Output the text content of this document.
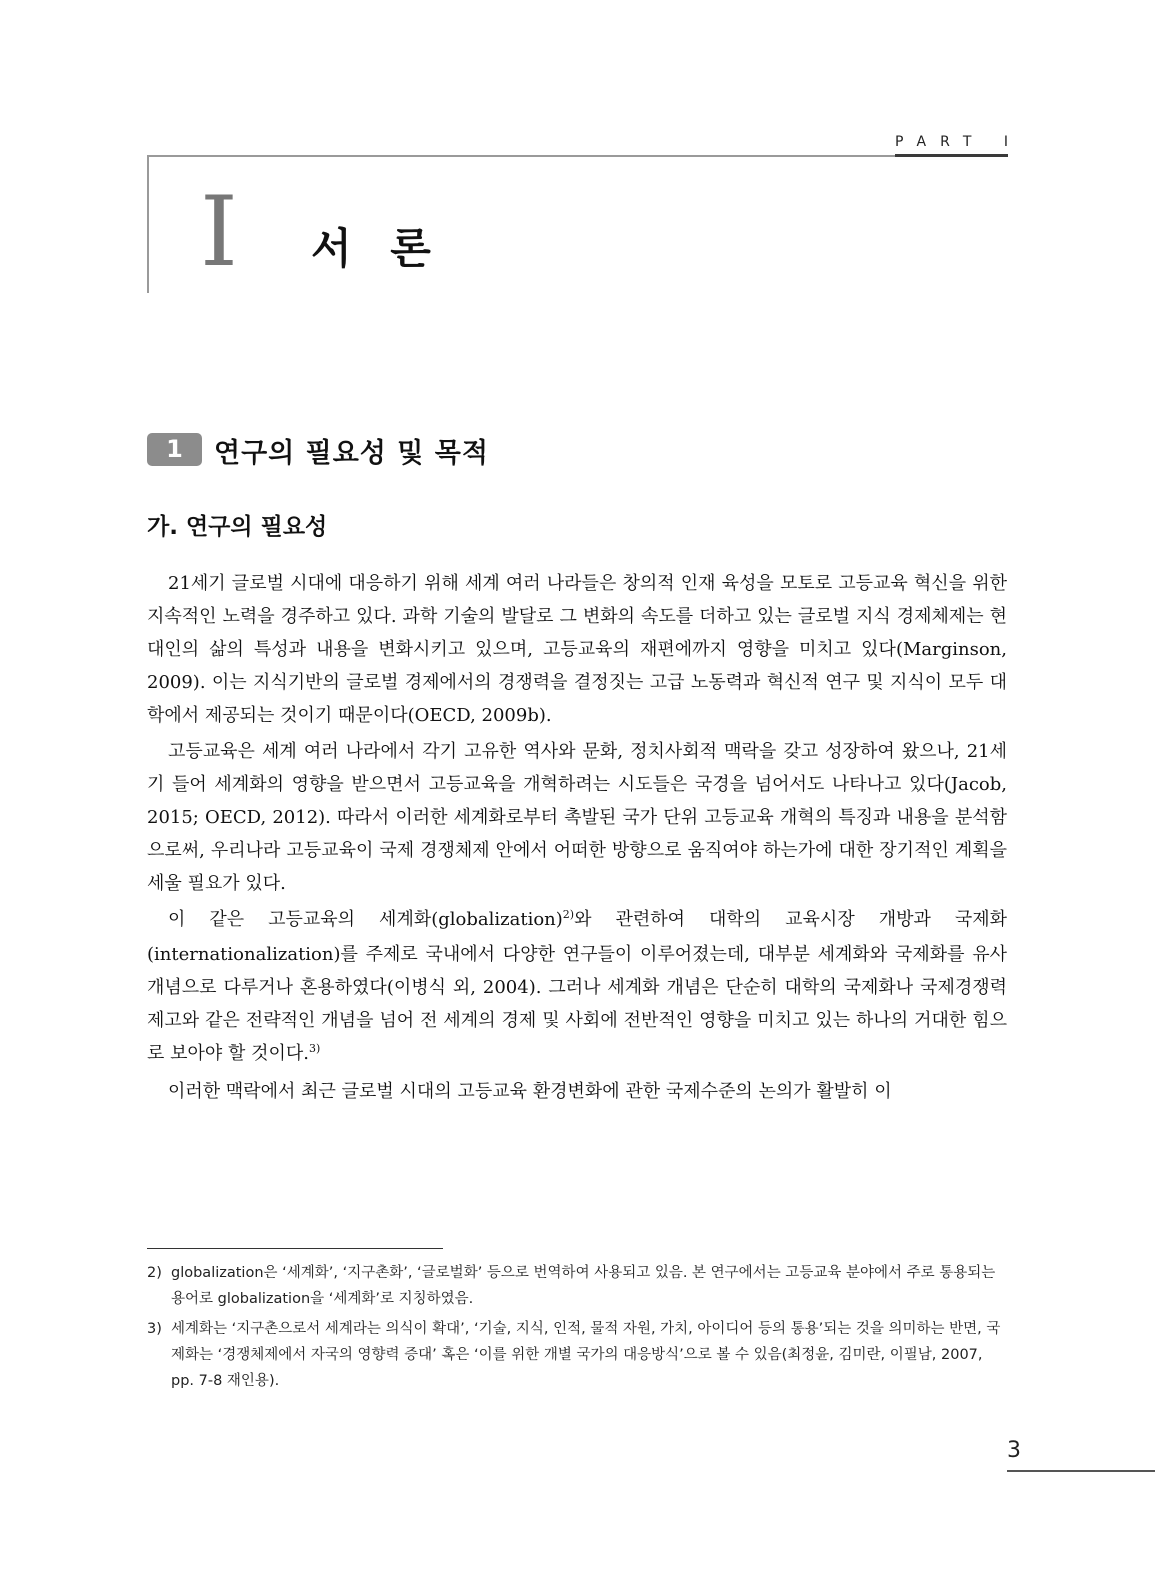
PART I
I 서 론
1	연구의 필요성 및 목적
가. 연구의 필요성

21세기 글로벌 시대에 대응하기 위해 세계 여러 나라들은 창의적 인재 육성을 모토로 고등교육 혁신을 위한 지속적인 노력을 경주하고 있다. 과학 기술의 발달로 그 변화의 속도를 더하고 있는 글로벌 지식 경제체제는 현대인의 삶의 특성과 내용을 변화시키고 있으며, 고등교육의 재편에까지 영향을 미치고 있다(Marginson, 2009). 이는 지식기반의 글로벌 경제에서의 경쟁력을 결정짓는 고급 노동력과 혁신적 연구 및 지식이 모두 대학에서 제공되는 것이기 때문이다(OECD, 2009b).

고등교육은 세계 여러 나라에서 각기 고유한 역사와 문화, 정치사회적 맥락을 갖고 성장하여 왔으나, 21세기 들어 세계화의 영향을 받으면서 고등교육을 개혁하려는 시도들은 국경을 넘어서도 나타나고 있다(Jacob, 2015; OECD, 2012). 따라서 이러한 세계화로부터 촉발된 국가 단위 고등교육 개혁의 특징과 내용을 분석함으로써, 우리나라 고등교육이 국제 경쟁체제 안에서 어떠한 방향으로 움직여야 하는가에 대한 장기적인 계획을 세울 필요가 있다.

이 같은 고등교육의 세계화(globalization)$^{2)}$와 관련하여 대학의 교육시장 개방과 국제화(internationalization)를 주제로 국내에서 다양한 연구들이 이루어졌는데, 대부분 세계화와 국제화를 유사 개념으로 다루거나 혼용하였다(이병식 외, 2004). 그러나 세계화 개념은 단순히 대학의 국제화나 국제경쟁력 제고와 같은 전략적인 개념을 넘어 전 세계의 경제 및 사회에 전반적인 영향을 미치고 있는 하나의 거대한 힘으로 보아야 할 것이다.$^{3)}$

이러한 맥락에서 최근 글로벌 시대의 고등교육 환경변화에 관한 국제수준의 논의가 활발히 이

2) globalization은 ‘세계화’, ‘지구촌화’, ‘글로벌화’ 등으로 번역하여 사용되고 있음. 본 연구에서는 고등교육 분야에서 주로 통용되는 용어로 globalization을 ‘세계화’로 지칭하였음.
3) 세계화는 ‘지구촌으로서 세계라는 의식이 확대’, ‘기술, 지식, 인적, 물적 자원, 가치, 아이디어 등의 통용’되는 것을 의미하는 반면, 국제화는 ‘경쟁체제에서 자국의 영향력 증대’ 혹은 ‘이를 위한 개별 국가의 대응방식’으로 볼 수 있음(최정윤, 김미란, 이필남, 2007, pp. 7-8 재인용).
3
